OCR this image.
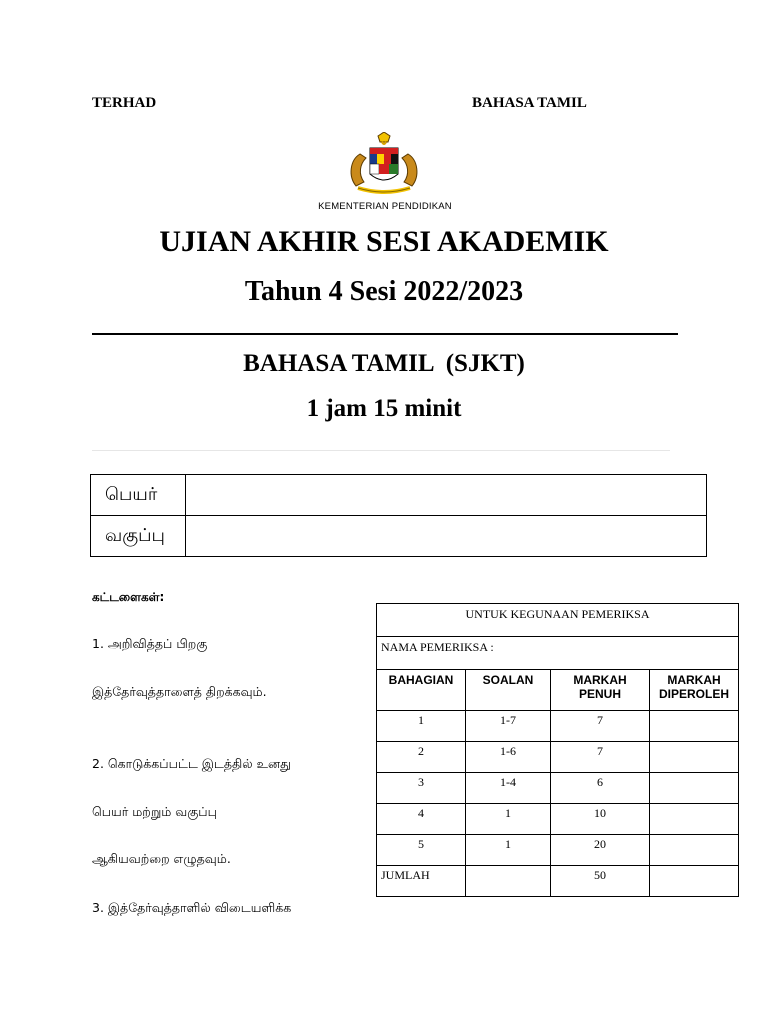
TERHAD	BAHASA TAMIL
KEMENTERIAN PENDIDIKAN
UJIAN AKHIR SESI AKADEMIK
Tahun 4 Sesi 2022/2023
BAHASA TAMIL  (SJKT)
1 jam 15 minit
பெயர்	
வகுப்பு	
கட்டளைகள்:
1. அறிவித்தப் பிறகு
இத்தேர்வுத்தாளைத் திறக்கவும்.
2. கொடுக்கப்பட்ட இடத்தில் உனது
பெயர் மற்றும் வகுப்பு
ஆகியவற்றை எழுதவும்.
3. இத்தேர்வுத்தாளில் விடையளிக்க
UNTUK KEGUNAAN PEMERIKSA			
NAMA PEMERIKSA :			
BAHAGIAN	SOALAN	MARKAH PENUH	MARKAH DIPEROLEH
1	1-7	7	
2	1-6	7	
3	1-4	6	
4	1	10	
5	1	20	
JUMLAH		50	
